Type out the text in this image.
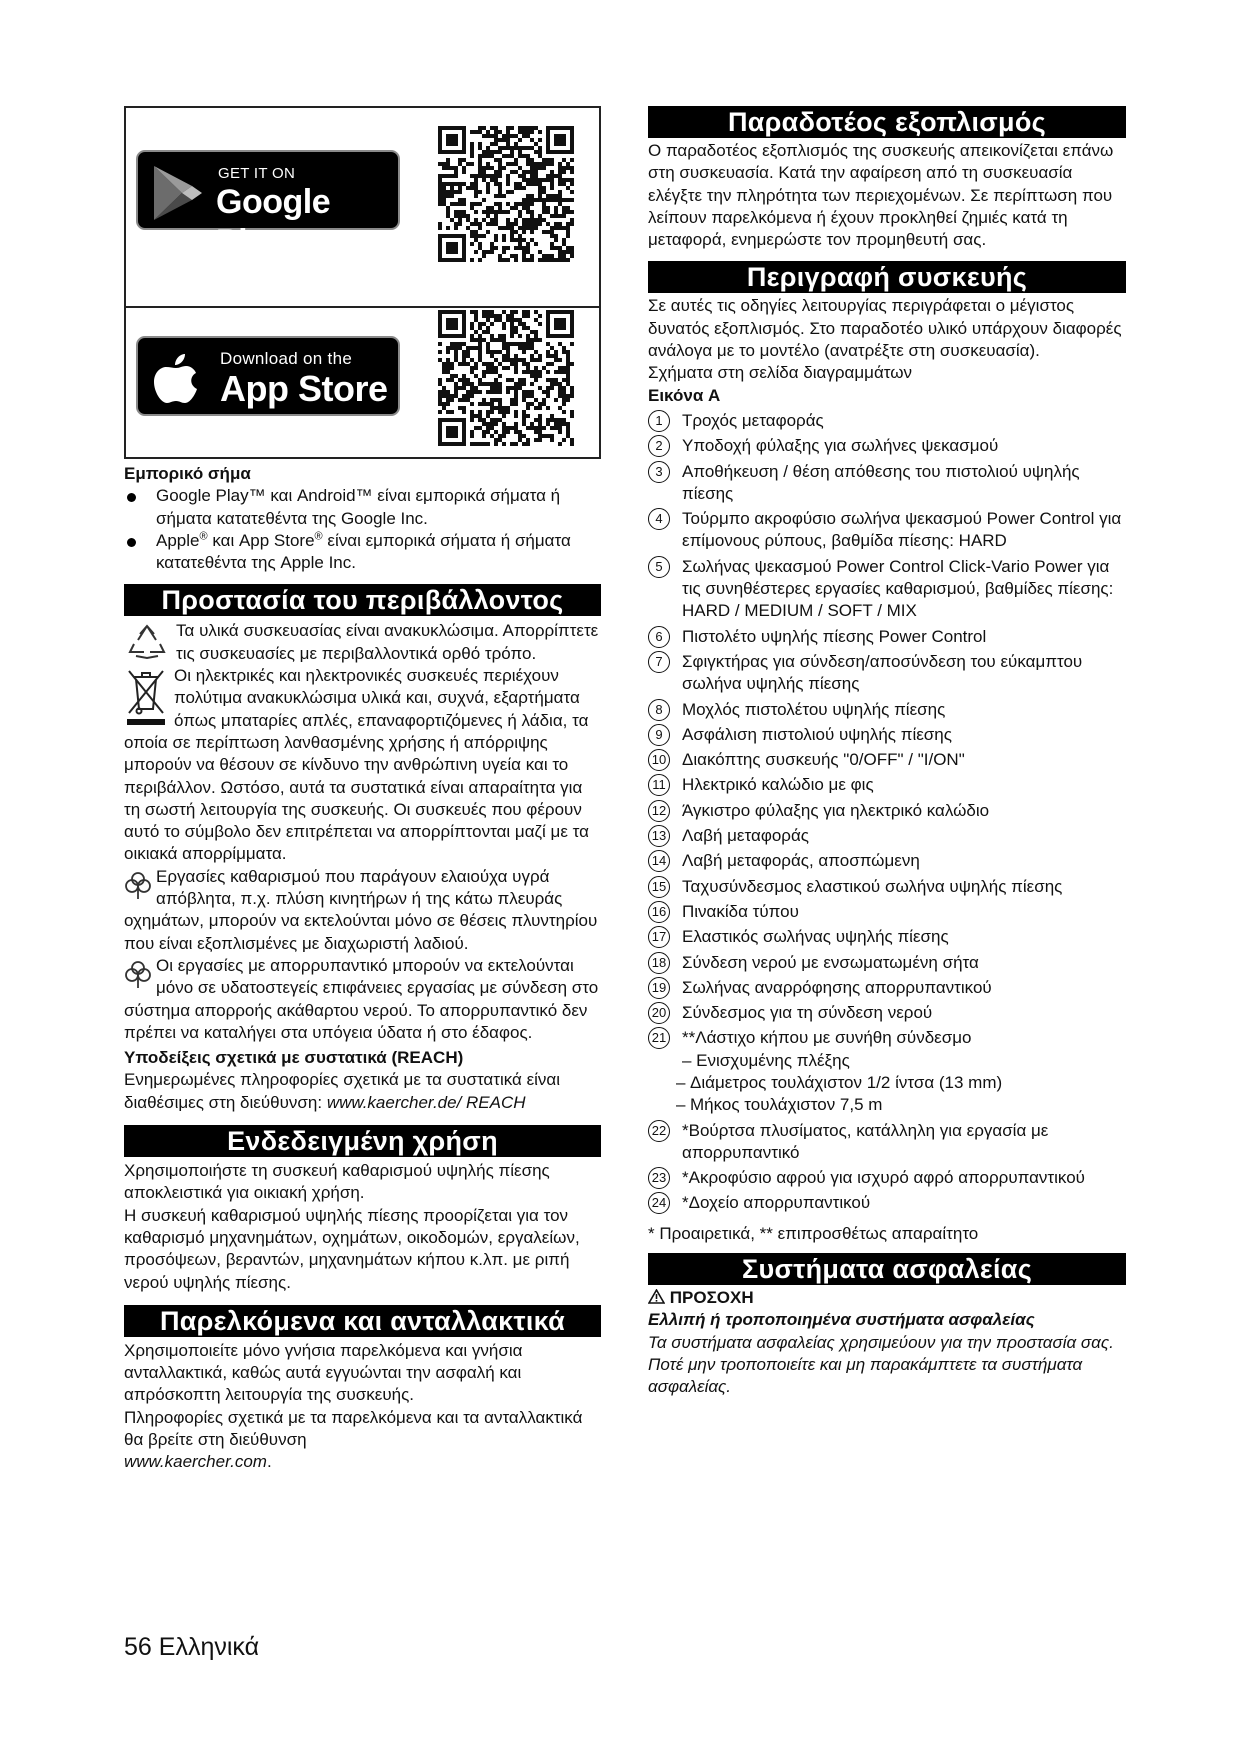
GET IT ON
Google Play
Download on the
App Store

Εμπορικό σήμα

Google Play™ και Android™ είναι εμπορικά σήματα ή σήματα κατατεθέντα της Google Inc.

Apple® και App Store® είναι εμπορικά σήματα ή σήματα κατατεθέντα της Apple Inc.

Προστασία του περιβάλλοντος

Τα υλικά συσκευασίας είναι ανακυκλώσιμα. Απορρίπτετε τις συσκευασίες με περιβαλλοντικά ορθό τρόπο.

Οι ηλεκτρικές και ηλεκτρονικές συσκευές περιέχουν πολύτιμα ανακυκλώσιμα υλικά και, συχνά, εξαρτήματα όπως μπαταρίες απλές, επαναφορτιζόμενες ή λάδια, τα οποία σε περίπτωση λανθασμένης χρήσης ή απόρριψης μπορούν να θέσουν σε κίνδυνο την ανθρώπινη υγεία και το περιβάλλον. Ωστόσο, αυτά τα συστατικά είναι απαραίτητα για τη σωστή λειτουργία της συσκευής. Οι συσκευές που φέρουν αυτό το σύμβολο δεν επιτρέπεται να απορρίπτονται μαζί με τα οικιακά απορρίμματα.
Εργασίες καθαρισμού που παράγουν ελαιούχα υγρά απόβλητα, π.χ. πλύση κινητήρων ή της κάτω πλευράς οχημάτων, μπορούν να εκτελούνται μόνο σε θέσεις πλυντηρίου που είναι εξοπλισμένες με διαχωριστή λαδιού.
Οι εργασίες με απορρυπαντικό μπορούν να εκτελούνται μόνο σε υδατοστεγείς επιφάνειες εργασίας με σύνδεση στο σύστημα απορροής ακάθαρτου νερού. Το απορρυπαντικό δεν πρέπει να καταλήγει στα υπόγεια ύδατα ή στο έδαφος.

Υποδείξεις σχετικά με συστατικά (REACH)

Ενημερωμένες πληροφορίες σχετικά με τα συστατικά είναι διαθέσιμες στη διεύθυνση: www.kaercher.de/ REACH

Ενδεδειγμένη χρήση

Χρησιμοποιήστε τη συσκευή καθαρισμού υψηλής πίεσης αποκλειστικά για οικιακή χρήση.

Η συσκευή καθαρισμού υψηλής πίεσης προορίζεται για τον καθαρισμό μηχανημάτων, οχημάτων, οικοδομών, εργαλείων, προσόψεων, βεραντών, μηχανημάτων κήπου κ.λπ. με ριπή νερού υψηλής πίεσης.

Παρελκόμενα και ανταλλακτικά

Χρησιμοποιείτε μόνο γνήσια παρελκόμενα και γνήσια ανταλλακτικά, καθώς αυτά εγγυώνται την ασφαλή και απρόσκοπτη λειτουργία της συσκευής.

Πληροφορίες σχετικά με τα παρελκόμενα και τα ανταλλακτικά θα βρείτε στη διεύθυνση

www.kaercher.com.

Παραδοτέος εξοπλισμός

Ο παραδοτέος εξοπλισμός της συσκευής απεικονίζεται επάνω στη συσκευασία. Κατά την αφαίρεση από τη συσκευασία ελέγξτε την πληρότητα των περιεχομένων. Σε περίπτωση που λείπουν παρελκόμενα ή έχουν προκληθεί ζημιές κατά τη μεταφορά, ενημερώστε τον προμηθευτή σας.

Περιγραφή συσκευής

Σε αυτές τις οδηγίες λειτουργίας περιγράφεται ο μέγιστος δυνατός εξοπλισμός. Στο παραδοτέο υλικό υπάρχουν διαφορές ανάλογα με το μοντέλο (ανατρέξτε στη συσκευασία).

Σχήματα στη σελίδα διαγραμμάτων

Εικόνα A

1	Τροχός μεταφοράς

2	Υποδοχή φύλαξης για σωλήνες ψεκασμού

3	Αποθήκευση / θέση απόθεσης του πιστολιού υψηλής πίεσης

4	Τούρμπο ακροφύσιο σωλήνα ψεκασμού Power Control για επίμονους ρύπους, βαθμίδα πίεσης: HARD

5	Σωλήνας ψεκασμού Power Control Click-Vario Power για τις συνηθέστερες εργασίες καθαρισμού, βαθμίδες πίεσης: HARD / MEDIUM / SOFT / MIX

6	Πιστολέτο υψηλής πίεσης Power Control

7	Σφιγκτήρας για σύνδεση/αποσύνδεση του εύκαμπτου σωλήνα υψηλής πίεσης

8	Μοχλός πιστολέτου υψηλής πίεσης

9	Ασφάλιση πιστολιού υψηλής πίεσης

10 Διακόπτης συσκευής "0/OFF" / "I/ON"

11 Ηλεκτρικό καλώδιο με φις

12 Άγκιστρο φύλαξης για ηλεκτρικό καλώδιο

13 Λαβή μεταφοράς

14 Λαβή μεταφοράς, αποσπώμενη

15 Ταχυσύνδεσμος ελαστικού σωλήνα υψηλής πίεσης

16 Πινακίδα τύπου

17 Ελαστικός σωλήνας υψηλής πίεσης

18 Σύνδεση νερού με ενσωματωμένη σήτα

19 Σωλήνας αναρρόφησης απορρυπαντικού

20 Σύνδεσμος για τη σύνδεση νερού

21 **Λάστιχο κήπου με συνήθη σύνδεσμο

– Ενισχυμένης πλέξης

– Διάμετρος τουλάχιστον 1/2 ίντσα (13 mm)

– Μήκος τουλάχιστον 7,5 m

22 *Βούρτσα πλυσίματος, κατάλληλη για εργασία με απορρυπαντικό

23 *Ακροφύσιο αφρού για ισχυρό αφρό απορρυπαντικού

24 *Δοχείο απορρυπαντικού

* Προαιρετικά, ** επιπροσθέτως απαραίτητο

Συστήματα ασφαλείας

ΠΡΟΣΟΧΗ

Ελλιπή ή τροποποιημένα συστήματα ασφαλείας

Τα συστήματα ασφαλείας χρησιμεύουν για την προστασία σας.

Ποτέ μην τροποποιείτε και μη παρακάμπτετε τα συστήματα ασφαλείας.

56 Ελληνικά
